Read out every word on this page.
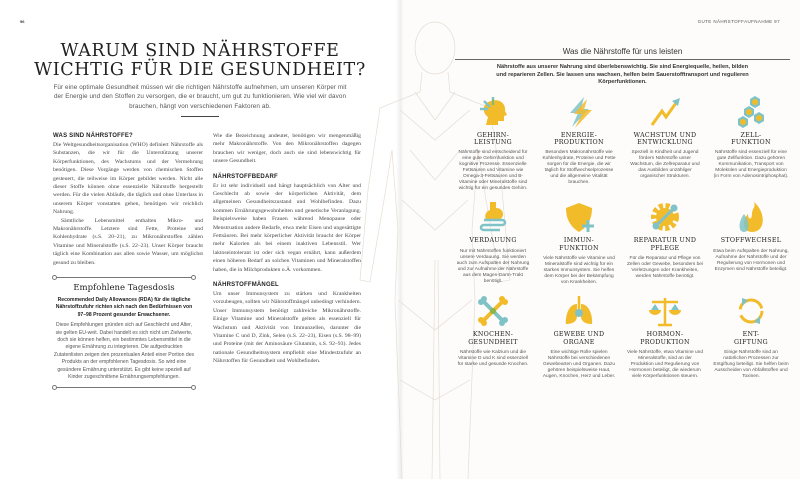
96
WARUM SIND NÄHRSTOFFE
WICHTIG FÜR DIE GESUNDHEIT?

Für eine optimale Gesundheit müssen wir die richtigen Nährstoffe aufnehmen, um unseren Körper mit der Energie und den Stoffen zu versorgen, die er braucht, um gut zu funktionieren. Wie viel wir davon brauchen, hängt von verschiedenen Faktoren ab.

WAS SIND NÄHRSTOFFE?

Die Weltgesundheitsorganisation (WHO) definiert Nährstoffe als Substanzen, die wir für die Unterstützung unserer Körperfunktionen, des Wachstums und der Vermehrung benötigen. Diese Vorgänge werden von chemischen Stoffen gesteuert, die teilweise im Körper gebildet werden. Nicht alle dieser Stoffe können ohne essenzielle Nährstoffe hergestellt werden. Für die vielen Abläufe, die täglich und ohne Unterlass in unserem Körper vonstatten gehen, benötigen wir reichlich Nahrung.

Sämtliche Lebensmittel enthalten Mikro- und Makronährstoffe. Letztere sind Fette, Proteine und Kohlenhydrate (s.S. 20–21), zu Mikronährstoffen zählen Vitamine und Mineralstoffe (s.S. 22–23). Unser Körper braucht täglich eine Kombination aus allen sowie Wasser, um möglichst gesund zu bleiben.

Empfohlene Tagesdosis

Recommended Daily Allowances (RDA) für die tägliche Nährstoffzufuhr richten sich nach den Bedürfnissen von 97–98 Prozent gesunder Erwachsener.

Diese Empfehlungen gründen sich auf Geschlecht und Alter, sie gelten EU-weit. Dabei handelt es sich nicht um Zielwerte, doch sie können helfen, ein bestimmtes Lebensmittel in die eigene Ernährung zu integrieren. Die aufgedruckten Zutatenlisten zeigen den prozentualen Anteil einer Portion des Produkts an der empfohlenen Tagesdosis. So wird eine gesündere Ernährung unterstützt. Es gibt keine speziell auf Kinder zugeschnittene Ernährungsempfehlungen.

Wie die Bezeichnung andeutet, benötigen wir mengenmäßig mehr Makronährstoffe. Von den Mikronährstoffen dagegen brauchen wir weniger, doch auch sie sind lebenswichtig für unsere Gesundheit.

NÄHRSTOFFBEDARF

Er ist sehr individuell und hängt hauptsächlich von Alter und Geschlecht ab sowie der körperlichen Aktivität, dem allgemeinen Gesundheitszustand und Wohlbefinden. Dazu kommen Ernährungsgewohnheiten und genetische Veranlagung. Beispielsweise haben Frauen während Menopause oder Menstruation andere Bedarfe, etwa mehr Eisen und ungesättigte Fettsäuren. Bei mehr körperlicher Aktivität braucht der Körper mehr Kalorien als bei einem inaktiven Lebensstil. Wer laktoseintolerant ist oder sich vegan ernährt, kann außerdem einen höheren Bedarf an solchen Vitaminen und Mineralstoffen haben, die in Milchprodukten o.Ä. vorkommen.

NÄHRSTOFFMÄNGEL

Um unser Immunsystem zu stärken und Krankheiten vorzubeugen, sollten wir Nährstoffmängel unbedingt verhindern. Unser Immunsystem benötigt zahlreiche Mikronährstoffe. Einige Vitamine und Mineralstoffe gelten als essenziell für Wachstum und Aktivität von Immunzellen, darunter die Vitamine C und D, Zink, Selen (s.S. 22–23), Eisen (s.S. 98–99) und Proteine (mit der Aminosäure Glutamin, s.S. 92–93). Jedes nationale Gesundheitssystem empfiehlt eine Mindestzufuhr an Nährstoffen für Gesundheit und Wohlbefinden.

GUTE NÄHRSTOFFAUFNAHME 97
Was die Nährstoffe für uns leisten

Nährstoffe aus unserer Nahrung sind überlebenswichtig. Sie sind Energiequelle, heilen, bilden und reparieren Zellen. Sie lassen uns wachsen, helfen beim Sauerstofftransport und regulieren Körperfunktionen.

GEHIRN-
LEISTUNG

Nährstoffe sind entscheidend für eine gute Gehirnfunktion und kognitive Prozesse. Essenzielle Fettsäuren und Vitamine wie Omega-3-Fettsäuren und B-Vitamine oder Mineralstoffe sind wichtig für ein gesundes Gehirn.

ENERGIE-
PRODUKTION

Besonders Makronährstoffe wie Kohlenhydrate, Proteine und Fette sorgen für die Energie, die wir täglich für Stoffwechselprozesse und die allgemeine Vitalität brauchen.

WACHSTUM UND
ENTWICKLUNG

Speziell in Kindheit und Jugend fördern Nährstoffe unser Wachstum, die Zellreparatur und das Ausbilden unzähliger organischer Strukturen.

ZELL-
FUNKTION

Nährstoffe sind essenziell für eine gute Zellfunktion. Dazu gehören Kommunikation, Transport von Molekülen und Energieproduktion (in Form von Adenosintriphosphat).

VERDAUUNG

Nur mit Nährstoffen funktioniert unsere Verdauung. Sie werden auch zum Aufspalten der Nahrung und zur Aufnahme der Nährstoffe aus dem Magen-Darm-Trakt benötigt.

IMMUN-
FUNKTION

Viele Nährstoffe wie Vitamine und Mineralstoffe sind wichtig für ein starkes Immunsystem. Sie helfen dem Körper bei der Bekämpfung von Krankheiten.

REPARATUR UND
PFLEGE

Für die Reparatur und Pflege von Zellen oder Gewebe, besonders bei Verletzungen oder Krankheiten, werden Nährstoffe benötigt.

STOFFWECHSEL

Etwa beim Aufspalten der Nahrung, Aufnahme der Nährstoffe und der Regulierung von Hormonen und Enzymen sind Nährstoffe beteiligt.

KNOCHEN-
GESUNDHEIT

Nährstoffe wie Kalzium und die Vitamine D und K sind essenziell für starke und gesunde Knochen.

GEWEBE UND
ORGANE

Eine wichtige Rolle spielen Nährstoffe bei verschiedenen Gewebearten und Organen. Dazu gehören beispielsweise Haut, Augen, Knochen, Herz und Leber.

HORMON-
PRODUKTION

Viele Nährstoffe, etwa Vitamine und Mineralstoffe, sind an der Produktion und Regulierung von Hormonen beteiligt, die wiederum viele Körperfunktionen steuern.

ENT-
GIFTUNG

Einige Nährstoffe sind an natürlichen Prozessen zur Entgiftung beteiligt. Sie helfen beim Ausscheiden von Abfallstoffen und Toxinen.
